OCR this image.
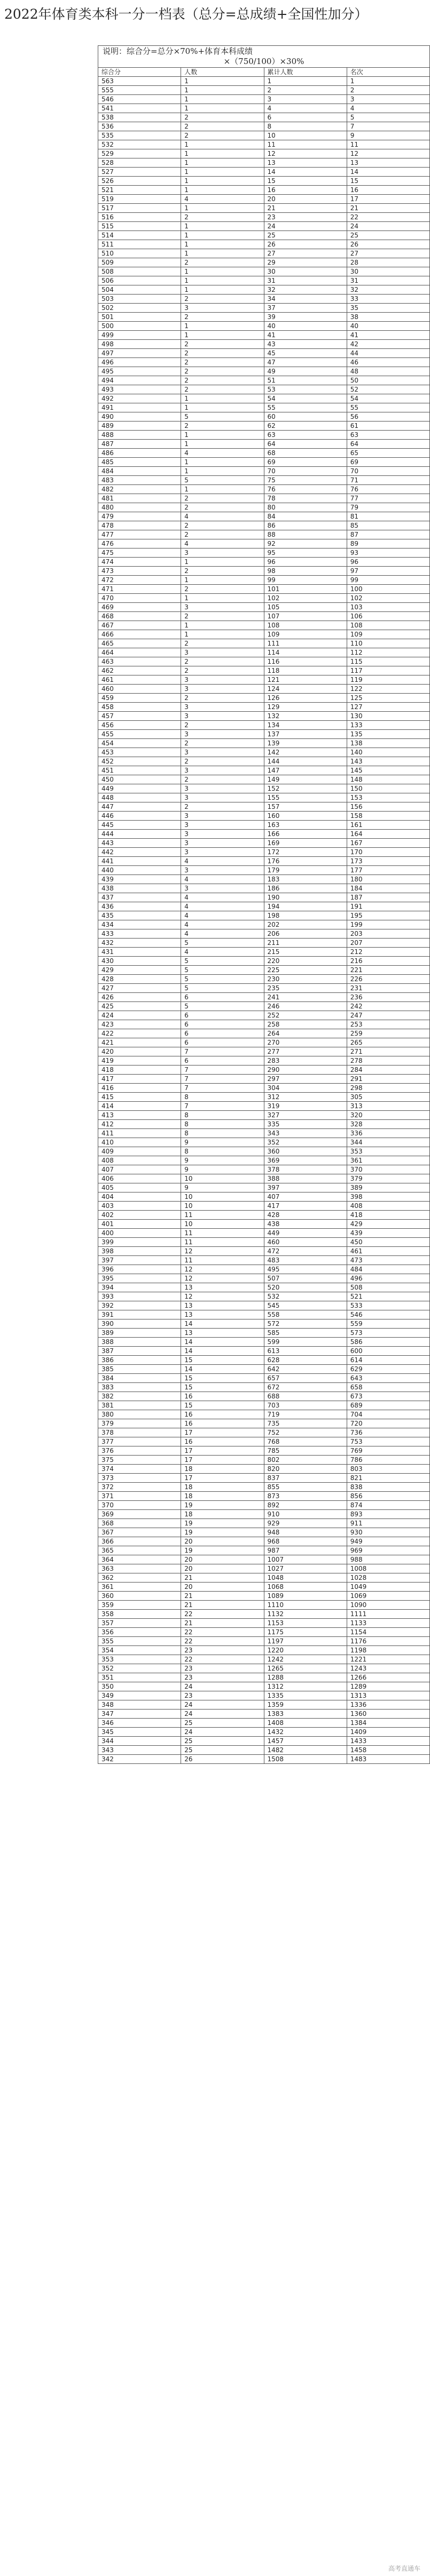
2022年体育类本科一分一档表（总分=总成绩+全国性加分）
说明：综合分=总分×70%+体育本科成绩
×（750/100）×30%			

综合分	人数	累计人数	名次
563	1	1	1
555	1	2	2
546	1	3	3
541	1	4	4
538	2	6	5
536	2	8	7
535	2	10	9
532	1	11	11
529	1	12	12
528	1	13	13
527	1	14	14
526	1	15	15
521	1	16	16
519	4	20	17
517	1	21	21
516	2	23	22
515	1	24	24
514	1	25	25
511	1	26	26
510	1	27	27
509	2	29	28
508	1	30	30
506	1	31	31
504	1	32	32
503	2	34	33
502	3	37	35
501	2	39	38
500	1	40	40
499	1	41	41
498	2	43	42
497	2	45	44
496	2	47	46
495	2	49	48
494	2	51	50
493	2	53	52
492	1	54	54
491	1	55	55
490	5	60	56
489	2	62	61
488	1	63	63
487	1	64	64
486	4	68	65
485	1	69	69
484	1	70	70
483	5	75	71
482	1	76	76
481	2	78	77
480	2	80	79
479	4	84	81
478	2	86	85
477	2	88	87
476	4	92	89
475	3	95	93
474	1	96	96
473	2	98	97
472	1	99	99
471	2	101	100
470	1	102	102
469	3	105	103
468	2	107	106
467	1	108	108
466	1	109	109
465	2	111	110
464	3	114	112
463	2	116	115
462	2	118	117
461	3	121	119
460	3	124	122
459	2	126	125
458	3	129	127
457	3	132	130
456	2	134	133
455	3	137	135
454	2	139	138
453	3	142	140
452	2	144	143
451	3	147	145
450	2	149	148
449	3	152	150
448	3	155	153
447	2	157	156
446	3	160	158
445	3	163	161
444	3	166	164
443	3	169	167
442	3	172	170
441	4	176	173
440	3	179	177
439	4	183	180
438	3	186	184
437	4	190	187
436	4	194	191
435	4	198	195
434	4	202	199
433	4	206	203
432	5	211	207
431	4	215	212
430	5	220	216
429	5	225	221
428	5	230	226
427	5	235	231
426	6	241	236
425	5	246	242
424	6	252	247
423	6	258	253
422	6	264	259
421	6	270	265
420	7	277	271
419	6	283	278
418	7	290	284
417	7	297	291
416	7	304	298
415	8	312	305
414	7	319	313
413	8	327	320
412	8	335	328
411	8	343	336
410	9	352	344
409	8	360	353
408	9	369	361
407	9	378	370
406	10	388	379
405	9	397	389
404	10	407	398
403	10	417	408
402	11	428	418
401	10	438	429
400	11	449	439
399	11	460	450
398	12	472	461
397	11	483	473
396	12	495	484
395	12	507	496
394	13	520	508
393	12	532	521
392	13	545	533
391	13	558	546
390	14	572	559
389	13	585	573
388	14	599	586
387	14	613	600
386	15	628	614
385	14	642	629
384	15	657	643
383	15	672	658
382	16	688	673
381	15	703	689
380	16	719	704
379	16	735	720
378	17	752	736
377	16	768	753
376	17	785	769
375	17	802	786
374	18	820	803
373	17	837	821
372	18	855	838
371	18	873	856
370	19	892	874
369	18	910	893
368	19	929	911
367	19	948	930
366	20	968	949
365	19	987	969
364	20	1007	988
363	20	1027	1008
362	21	1048	1028
361	20	1068	1049
360	21	1089	1069
359	21	1110	1090
358	22	1132	1111
357	21	1153	1133
356	22	1175	1154
355	22	1197	1176
354	23	1220	1198
353	22	1242	1221
352	23	1265	1243
351	23	1288	1266
350	24	1312	1289
349	23	1335	1313
348	24	1359	1336
347	24	1383	1360
346	25	1408	1384
345	24	1432	1409
344	25	1457	1433
343	25	1482	1458
342	26	1508	1483
高考直通车
